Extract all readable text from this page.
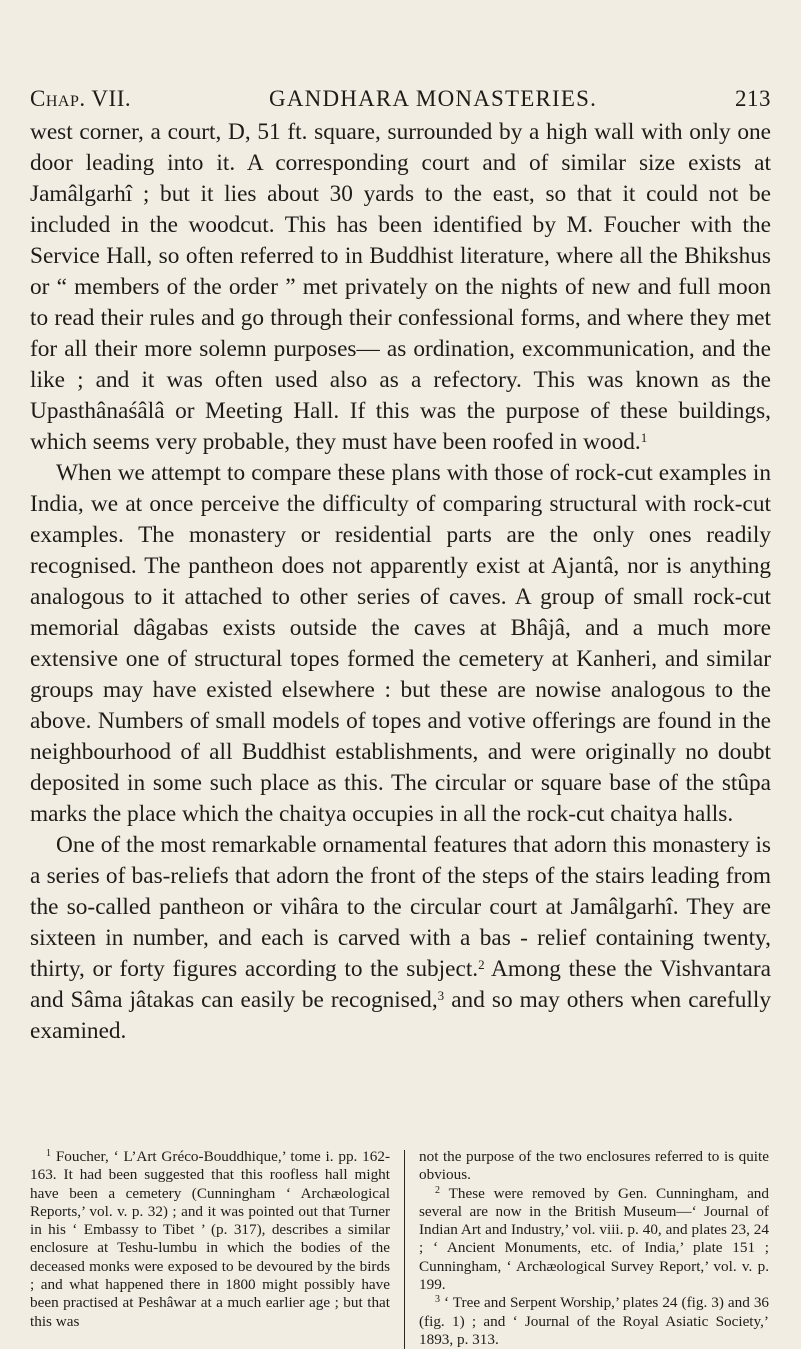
Chap. VII.	GANDHARA MONASTERIES.	213

west corner, a court, D, 51 ft. square, surrounded by a high wall with only one door leading into it. A corresponding court and of similar size exists at Jamâlgarhî ; but it lies about 30 yards to the east, so that it could not be included in the woodcut. This has been identified by M. Foucher with the Service Hall, so often referred to in Buddhist literature, where all the Bhikshus or “ members of the order ” met privately on the nights of new and full moon to read their rules and go through their confessional forms, and where they met for all their more solemn purposes— as ordination, excommunication, and the like ; and it was often used also as a refectory. This was known as the Upasthânaśâlâ or Meeting Hall. If this was the purpose of these buildings, which seems very probable, they must have been roofed in wood.$^1$

When we attempt to compare these plans with those of rock-cut examples in India, we at once perceive the difficulty of comparing structural with rock-cut examples. The monastery or residential parts are the only ones readily recognised. The pantheon does not apparently exist at Ajantâ, nor is anything analogous to it attached to other series of caves. A group of small rock-cut memorial dâgabas exists outside the caves at Bhâjâ, and a much more extensive one of structural topes formed the cemetery at Kanheri, and similar groups may have existed elsewhere : but these are nowise analogous to the above. Numbers of small models of topes and votive offerings are found in the neighbourhood of all Buddhist establishments, and were originally no doubt deposited in some such place as this. The circular or square base of the stûpa marks the place which the chaitya occupies in all the rock-cut chaitya halls.

One of the most remarkable ornamental features that adorn this monastery is a series of bas-reliefs that adorn the front of the steps of the stairs leading from the so-called pantheon or vihâra to the circular court at Jamâlgarhî. They are sixteen in number, and each is carved with a bas - relief containing twenty, thirty, or forty figures according to the subject.$^2$ Among these the Vishvantara and Sâma jâtakas can easily be recognised,$^3$ and so may others when carefully examined.

$^1$ Foucher, ‘ L’Art Gréco-Bouddhique,’ tome i. pp. 162-163. It had been suggested that this roofless hall might have been a cemetery (Cunningham ‘ Archæological Reports,’ vol. v. p. 32) ; and it was pointed out that Turner in his ‘ Embassy to Tibet ’ (p. 317), describes a similar enclosure at Teshu-lumbu in which the bodies of the deceased monks were exposed to be devoured by the birds ; and what happened there in 1800 might possibly have been practised at Peshâwar at a much earlier age ; but that this was

not the purpose of the two enclosures referred to is quite obvious.

$^2$ These were removed by Gen. Cunningham, and several are now in the British Museum—‘ Journal of Indian Art and Industry,’ vol. viii. p. 40, and plates 23, 24 ; ‘ Ancient Monuments, etc. of India,’ plate 151 ; Cunningham, ‘ Archæological Survey Report,’ vol. v. p. 199.

$^3$ ‘ Tree and Serpent Worship,’ plates 24 (fig. 3) and 36 (fig. 1) ; and ‘ Journal of the Royal Asiatic Society,’ 1893, p. 313.
